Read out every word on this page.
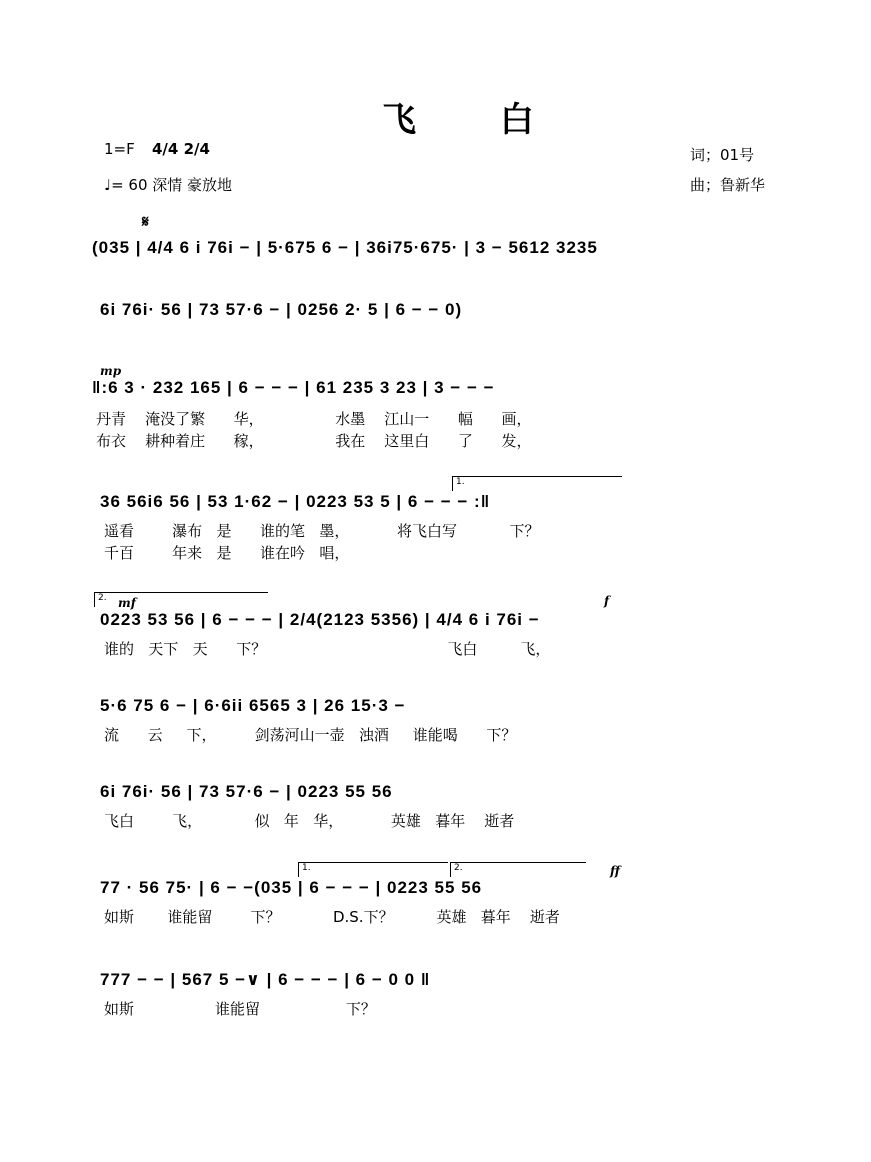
飞 白
1=F 4/4 2/4
♩= 60 深情 豪放地
词；01号
曲；鲁新华
𝄋
(035 | 4/4 6 i 76i − | 5·675 6 − | 36i75·675· | 3 − 5612 3235
6i 76i· 56 | 73 57·6 − | 0256 2· 5 | 6 − − 0)
mp
‖:6 3 · 232 165 | 6 − − − | 61 235 3 23 | 3 − − −
丹青    淹没了繁      华，               水墨    江山一      幅      画，
布衣    耕种着庄      稼，               我在    这里白      了      发，
1.
36 56i6 56 | 53 1·62 − | 0223 53 5 | 6 − − − :‖
遥看        瀑布   是      谁的笔   墨，          将飞白写           下？
千百        年来   是      谁在吟   唱，
2. mf	f
0223 53 56 | 6 − − − | 2/4(2123 5356) | 4/4 6 i 76i −
谁的   天下   天      下？                                      飞白         飞，
5·6 75 6 − | 6·6ii 6565 3 | 26 15·3 −
流      云     下，        剑荡河山一壶   浊酒     谁能喝      下？
6i 76i· 56 | 73 57·6 − | 0223 55 56
飞白        飞，           似   年   华，          英雄   暮年    逝者
1.	2.	ff
77 · 56 75· | 6 − −(035 | 6 − − − | 0223 55 56
如斯       谁能留        下？           D.S.下？         英雄   暮年    逝者
777 − − | 567 5 −∨ | 6 − − − | 6 − 0 0 ‖
如斯                 谁能留                  下？
